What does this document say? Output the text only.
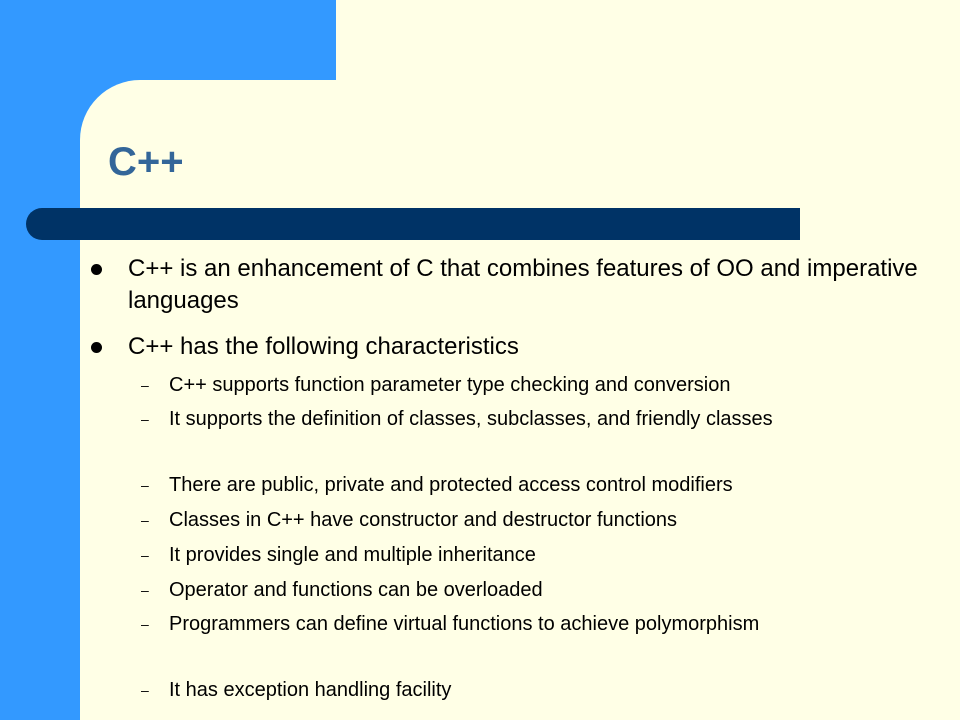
C++
C++ is an enhancement of C that combines features of OO and imperative languages
C++ has the following characteristics
– C++ supports function parameter type checking and conversion
– It supports the definition of classes, subclasses, and friendly classes
– There are public, private and protected access control modifiers
– Classes in C++ have constructor and destructor functions
– It provides single and multiple inheritance
– Operator and functions can be overloaded
– Programmers can define virtual functions to achieve polymorphism
– It has exception handling facility
